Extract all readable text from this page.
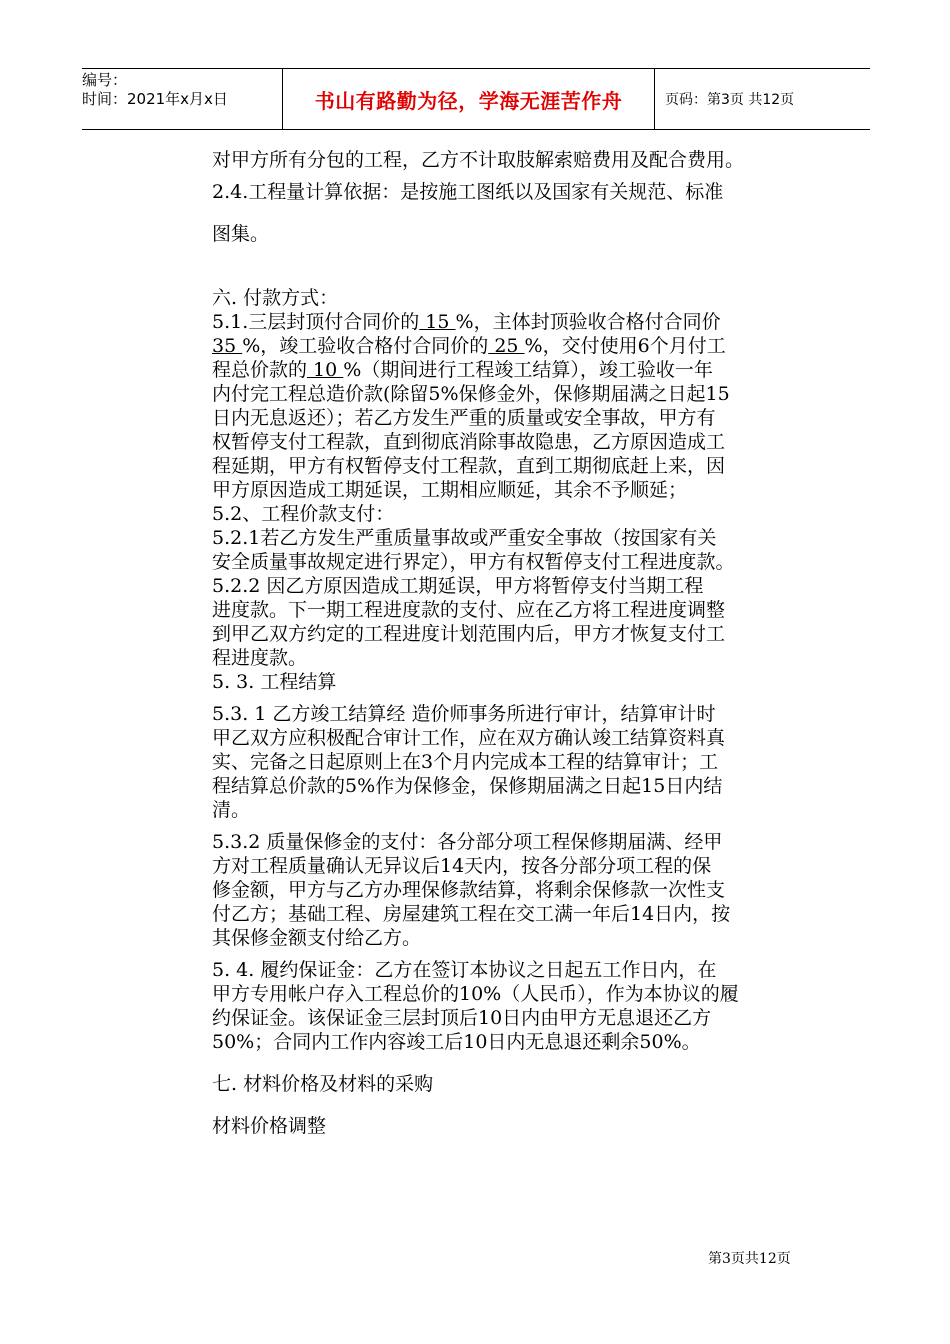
编号：
时间：2021年x月x日	书山有路勤为径，学海无涯苦作舟	页码：第3页 共12页

对甲方所有分包的工程，乙方不计取肢解索赔费用及配合费用。

2.4.工程量计算依据：是按施工图纸以及国家有关规范、标准

图集。

六. 付款方式：

5.1.三层封顶付合同价的 15 %，主体封顶验收合格付合同价

35 %，竣工验收合格付合同价的 25 %，交付使用6个月付工

程总价款的 10 %（期间进行工程竣工结算），竣工验收一年

内付完工程总造价款(除留5%保修金外，保修期届满之日起15

日内无息返还）；若乙方发生严重的质量或安全事故，甲方有

权暂停支付工程款，直到彻底消除事故隐患，乙方原因造成工

程延期，甲方有权暂停支付工程款，直到工期彻底赶上来，因

甲方原因造成工期延误，工期相应顺延，其余不予顺延；

5.2、工程价款支付：

5.2.1若乙方发生严重质量事故或严重安全事故（按国家有关

安全质量事故规定进行界定），甲方有权暂停支付工程进度款。

5.2.2 因乙方原因造成工期延误，甲方将暂停支付当期工程

进度款。下一期工程进度款的支付、应在乙方将工程进度调整

到甲乙双方约定的工程进度计划范围内后，甲方才恢复支付工

程进度款。

5. 3. 工程结算

5.3. 1 乙方竣工结算经 造价师事务所进行审计，结算审计时

甲乙双方应积极配合审计工作，应在双方确认竣工结算资料真

实、完备之日起原则上在3个月内完成本工程的结算审计；工

程结算总价款的5%作为保修金，保修期届满之日起15日内结

清。

5.3.2 质量保修金的支付：各分部分项工程保修期届满、经甲

方对工程质量确认无异议后14天内，按各分部分项工程的保

修金额，甲方与乙方办理保修款结算，将剩余保修款一次性支

付乙方；基础工程、房屋建筑工程在交工满一年后14日内，按

其保修金额支付给乙方。

5. 4. 履约保证金：乙方在签订本协议之日起五工作日内，在

甲方专用帐户存入工程总价的10%（人民币），作为本协议的履

约保证金。该保证金三层封顶后10日内由甲方无息退还乙方

50%；合同内工作内容竣工后10日内无息退还剩余50%。

七. 材料价格及材料的采购

材料价格调整

第3页共12页
